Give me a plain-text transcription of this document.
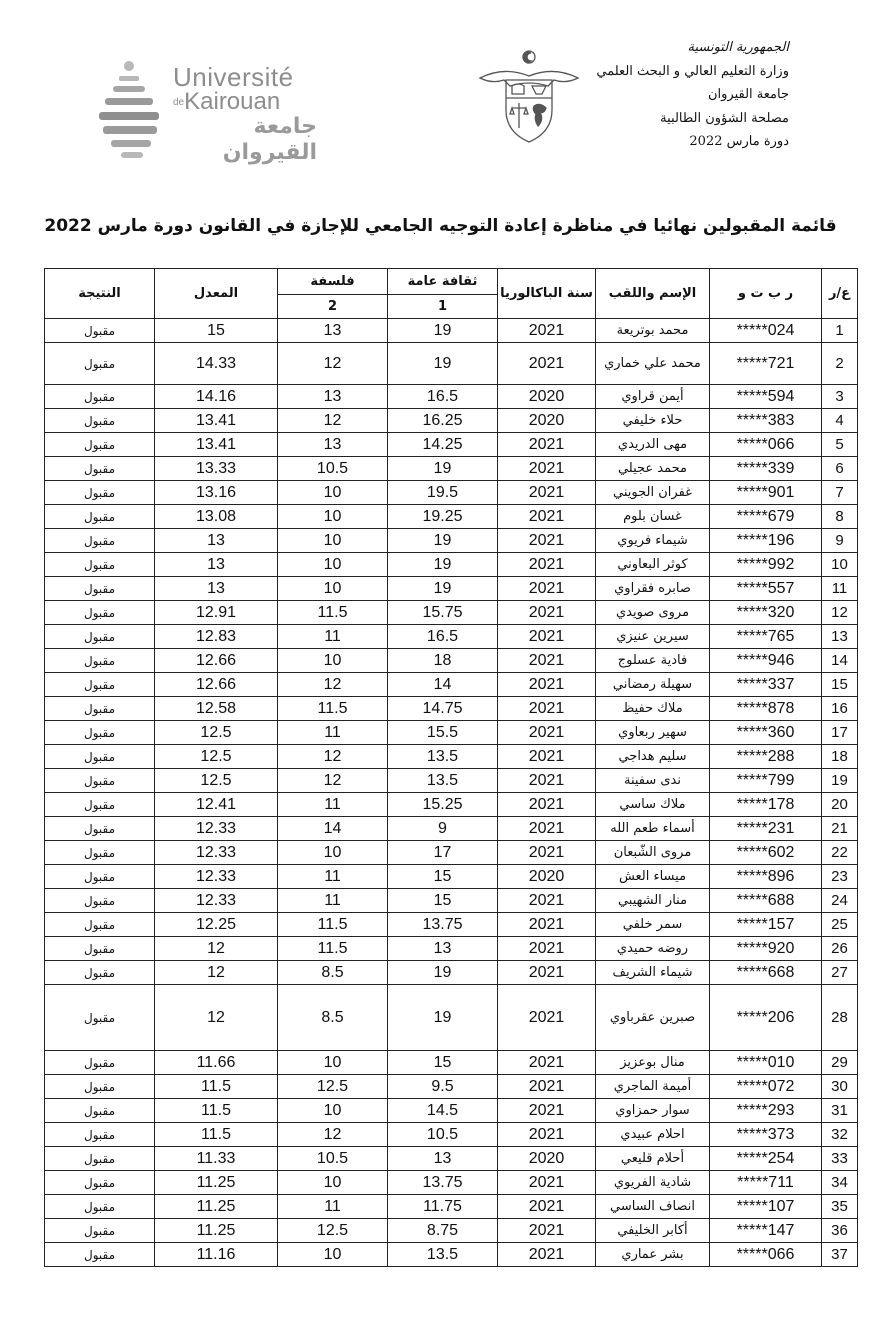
الجمهورية التونسية
وزارة التعليم العالي و البحث العلمي
جامعة القيروان
مصلحة الشؤون الطالبية
دورة مارس 2022
Université
deKairouan
جامعة
القيروان
قائمة المقبولين نهائيا في مناظرة إعادة التوجيه الجامعي للإجازة في القانون دورة مارس 2022
ع/ر	ر ب ت و	الإسم واللقب	سنة الباكالوريا	ثقافة عامة	فلسفة	المعدل	النتيجة
				1	2		
1	*****024	محمد بوتريعة	2021	19	13	15	مقبول
2	*****721	محمد علي خماري	2021	19	12	14.33	مقبول
3	*****594	أيمن قراوي	2020	16.5	13	14.16	مقبول
4	*****383	حلاء خليفي	2020	16.25	12	13.41	مقبول
5	*****066	مهى الدريدي	2021	14.25	13	13.41	مقبول
6	*****339	محمد عجيلي	2021	19	10.5	13.33	مقبول
7	*****901	غفران الجويني	2021	19.5	10	13.16	مقبول
8	*****679	غسان بلوم	2021	19.25	10	13.08	مقبول
9	*****196	شيماء فريوي	2021	19	10	13	مقبول
10	*****992	كوثر البعاوني	2021	19	10	13	مقبول
11	*****557	صابره فقراوي	2021	19	10	13	مقبول
12	*****320	مروى صويدي	2021	15.75	11.5	12.91	مقبول
13	*****765	سيرين عنيزي	2021	16.5	11	12.83	مقبول
14	*****946	فادية عسلوج	2021	18	10	12.66	مقبول
15	*****337	سهيلة رمضاني	2021	14	12	12.66	مقبول
16	*****878	ملاك حفيظ	2021	14.75	11.5	12.58	مقبول
17	*****360	سهير ربعاوي	2021	15.5	11	12.5	مقبول
18	*****288	سليم هداجي	2021	13.5	12	12.5	مقبول
19	*****799	ندى سفينة	2021	13.5	12	12.5	مقبول
20	*****178	ملاك ساسي	2021	15.25	11	12.41	مقبول
21	*****231	أسماء طعم الله	2021	9	14	12.33	مقبول
22	*****602	مروى الشّبعان	2021	17	10	12.33	مقبول
23	*****896	ميساء العش	2020	15	11	12.33	مقبول
24	*****688	منار الشهيبي	2021	15	11	12.33	مقبول
25	*****157	سمر خلفي	2021	13.75	11.5	12.25	مقبول
26	*****920	روضه حميدي	2021	13	11.5	12	مقبول
27	*****668	شيماء الشريف	2021	19	8.5	12	مقبول
28	*****206	صبرين عقرباوي	2021	19	8.5	12	مقبول
29	*****010	منال بوعزيز	2021	15	10	11.66	مقبول
30	*****072	أميمة الماجري	2021	9.5	12.5	11.5	مقبول
31	*****293	سوار حمزاوي	2021	14.5	10	11.5	مقبول
32	*****373	احلام عبيدي	2021	10.5	12	11.5	مقبول
33	*****254	أحلام قليعي	2020	13	10.5	11.33	مقبول
34	*****711	شادية الفريوي	2021	13.75	10	11.25	مقبول
35	*****107	انصاف الساسي	2021	11.75	11	11.25	مقبول
36	*****147	أكابر الخليفي	2021	8.75	12.5	11.25	مقبول
37	*****066	بشر عماري	2021	13.5	10	11.16	مقبول
